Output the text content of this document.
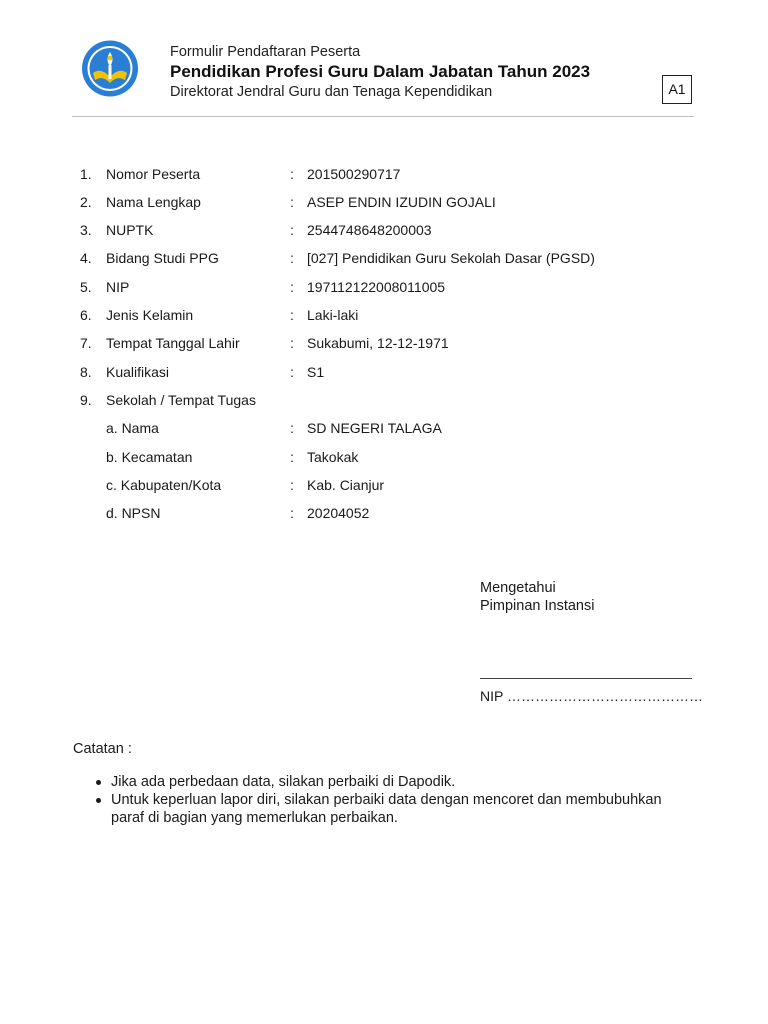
Formulir Pendaftaran Peserta
Pendidikan Profesi Guru Dalam Jabatan Tahun 2023
Direktorat Jendral Guru dan Tenaga Kependidikan	A1
1. Nomor Peserta	: 201500290717
2. Nama Lengkap	: ASEP ENDIN IZUDIN GOJALI
3. NUPTK	: 2544748648200003
4. Bidang Studi PPG	: [027] Pendidikan Guru Sekolah Dasar (PGSD)
5. NIP	: 197112122008011005
6. Jenis Kelamin	: Laki-laki
7. Tempat Tanggal Lahir	: Sukabumi, 12-12-1971
8. Kualifikasi	: S1
9. Sekolah / Tempat Tugas
a. Nama	: SD NEGERI TALAGA
b. Kecamatan	: Takokak
c. Kabupaten/Kota	: Kab. Cianjur
d. NPSN	: 20204052
Mengetahui
Pimpinan Instansi
NIP ……………………………………
Catatan :
Jika ada perbedaan data, silakan perbaiki di Dapodik.
Untuk keperluan lapor diri, silakan perbaiki data dengan mencoret dan membubuhkan paraf di bagian yang memerlukan perbaikan.
